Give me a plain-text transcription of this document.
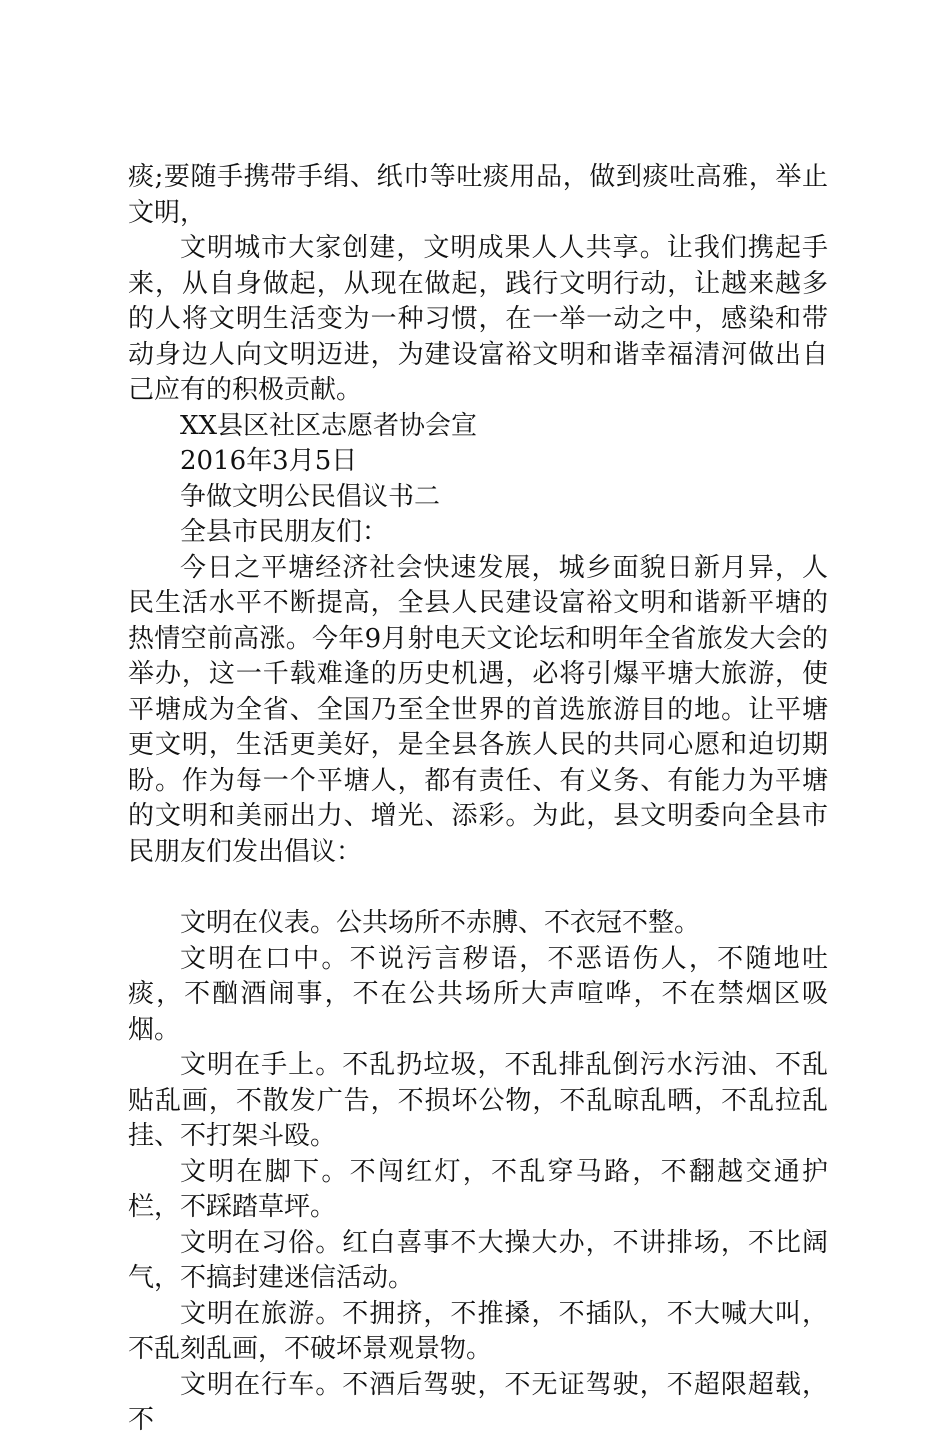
痰;要随手携带手绢、纸巾等吐痰用品，做到痰吐高雅，举止文明，

文明城市大家创建，文明成果人人共享。让我们携起手来，从自身做起，从现在做起，践行文明行动，让越来越多的人将文明生活变为一种习惯，在一举一动之中，感染和带动身边人向文明迈进，为建设富裕文明和谐幸福清河做出自己应有的积极贡献。

XX县区社区志愿者协会宣

2016年3月5日

争做文明公民倡议书二

全县市民朋友们：

今日之平塘经济社会快速发展，城乡面貌日新月异，人民生活水平不断提高，全县人民建设富裕文明和谐新平塘的热情空前高涨。今年9月射电天文论坛和明年全省旅发大会的举办，这一千载难逢的历史机遇，必将引爆平塘大旅游，使平塘成为全省、全国乃至全世界的首选旅游目的地。让平塘更文明，生活更美好，是全县各族人民的共同心愿和迫切期盼。作为每一个平塘人，都有责任、有义务、有能力为平塘的文明和美丽出力、增光、添彩。为此，县文明委向全县市民朋友们发出倡议：

文明在仪表。公共场所不赤膊、不衣冠不整。

文明在口中。不说污言秽语，不恶语伤人，不随地吐痰，不酗酒闹事，不在公共场所大声喧哗，不在禁烟区吸烟。

文明在手上。不乱扔垃圾，不乱排乱倒污水污油、不乱贴乱画，不散发广告，不损坏公物，不乱晾乱晒，不乱拉乱挂、不打架斗殴。

文明在脚下。不闯红灯，不乱穿马路，不翻越交通护栏，不踩踏草坪。

文明在习俗。红白喜事不大操大办，不讲排场，不比阔气，不搞封建迷信活动。

文明在旅游。不拥挤，不推搡，不插队，不大喊大叫，不乱刻乱画，不破坏景观景物。

文明在行车。不酒后驾驶，不无证驾驶，不超限超载，不
